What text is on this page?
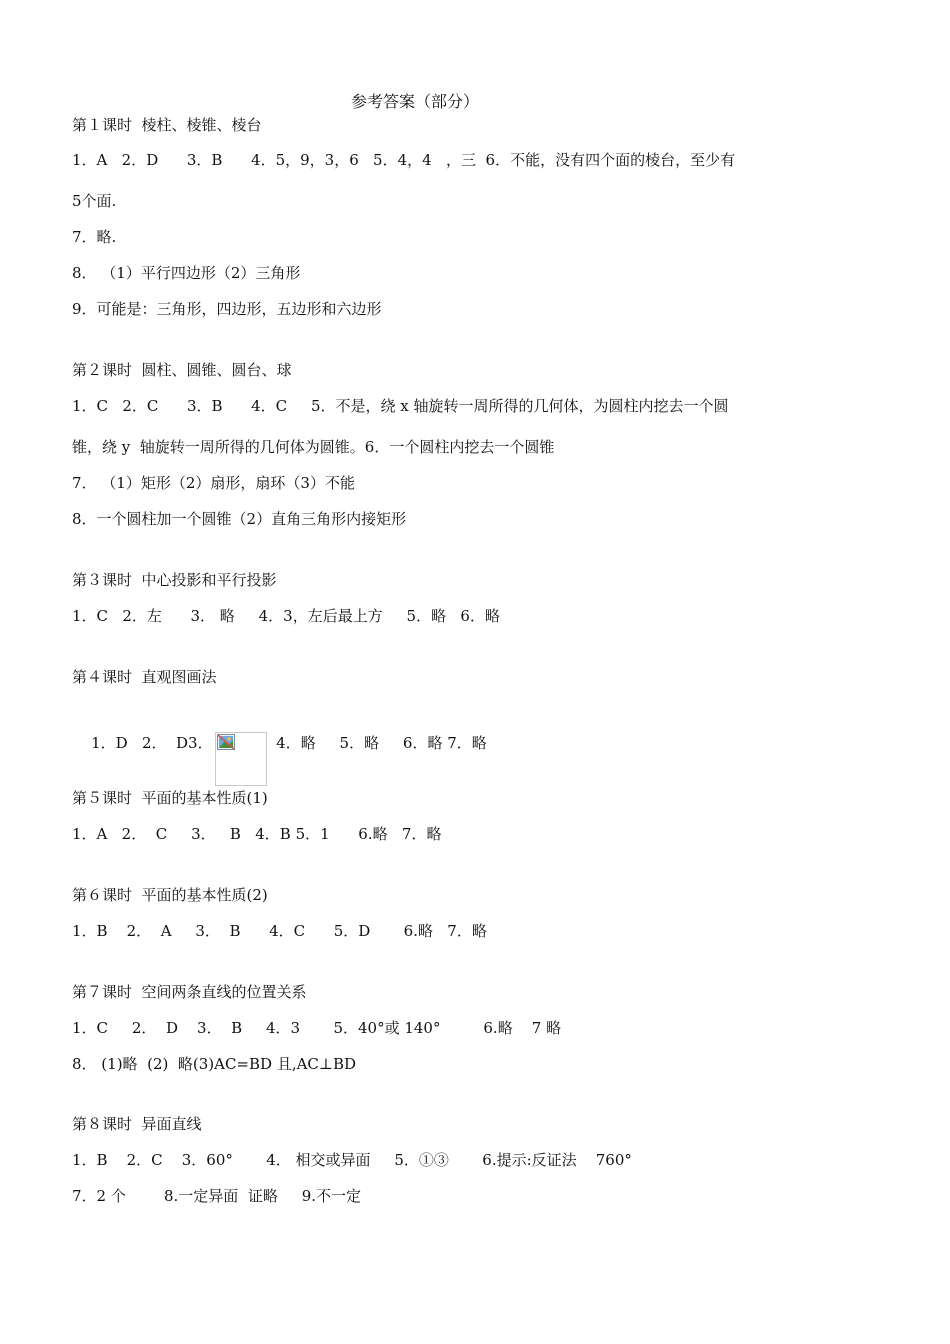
参考答案（部分）
第１课时  棱柱、棱锥、棱台
1．A   2．D      3．B      4．5，9，3，6   5．4，4   ，三  6．不能，没有四个面的棱台，至少有
5个面.
7．略.
8． （1）平行四边形（2）三角形
9．可能是：三角形，四边形，五边形和六边形
第２课时  圆柱、圆锥、圆台、球
1．C   2．C      3．B      4．C     5．不是，绕 x 轴旋转一周所得的几何体，为圆柱内挖去一个圆
锥，绕 y  轴旋转一周所得的几何体为圆锥。6．一个圆柱内挖去一个圆锥
7． （1）矩形（2）扇形，扇环（3）不能
8．一个圆柱加一个圆锥（2）直角三角形内接矩形
第３课时  中心投影和平行投影
1．C   2．左      3． 略     4．3，左后最上方     5．略   6．略
第４课时  直观图画法

1．D   2．  D3．	4．略     5．略     6．略 7．略

第５课时  平面的基本性质(1)
1．A   2．  C     3．   B   4．B 5．1      6.略   7．略
第６课时  平面的基本性质(2)
1．B    2．  A     3．  B      4．C      5．D       6.略   7．略
第７课时  空间两条直线的位置关系
1．C     2．  D    3．  B     4．3       5．40°或 140°         6.略    7 略
8． (1)略  (2)  略(3)AC=BD 且,AC⊥BD
第８课时  异面直线
1．B    2．C    3．60°       4． 相交或异面     5．①③       6.提示:反证法    760°
7．2 个        8.一定异面  证略     9.不一定
